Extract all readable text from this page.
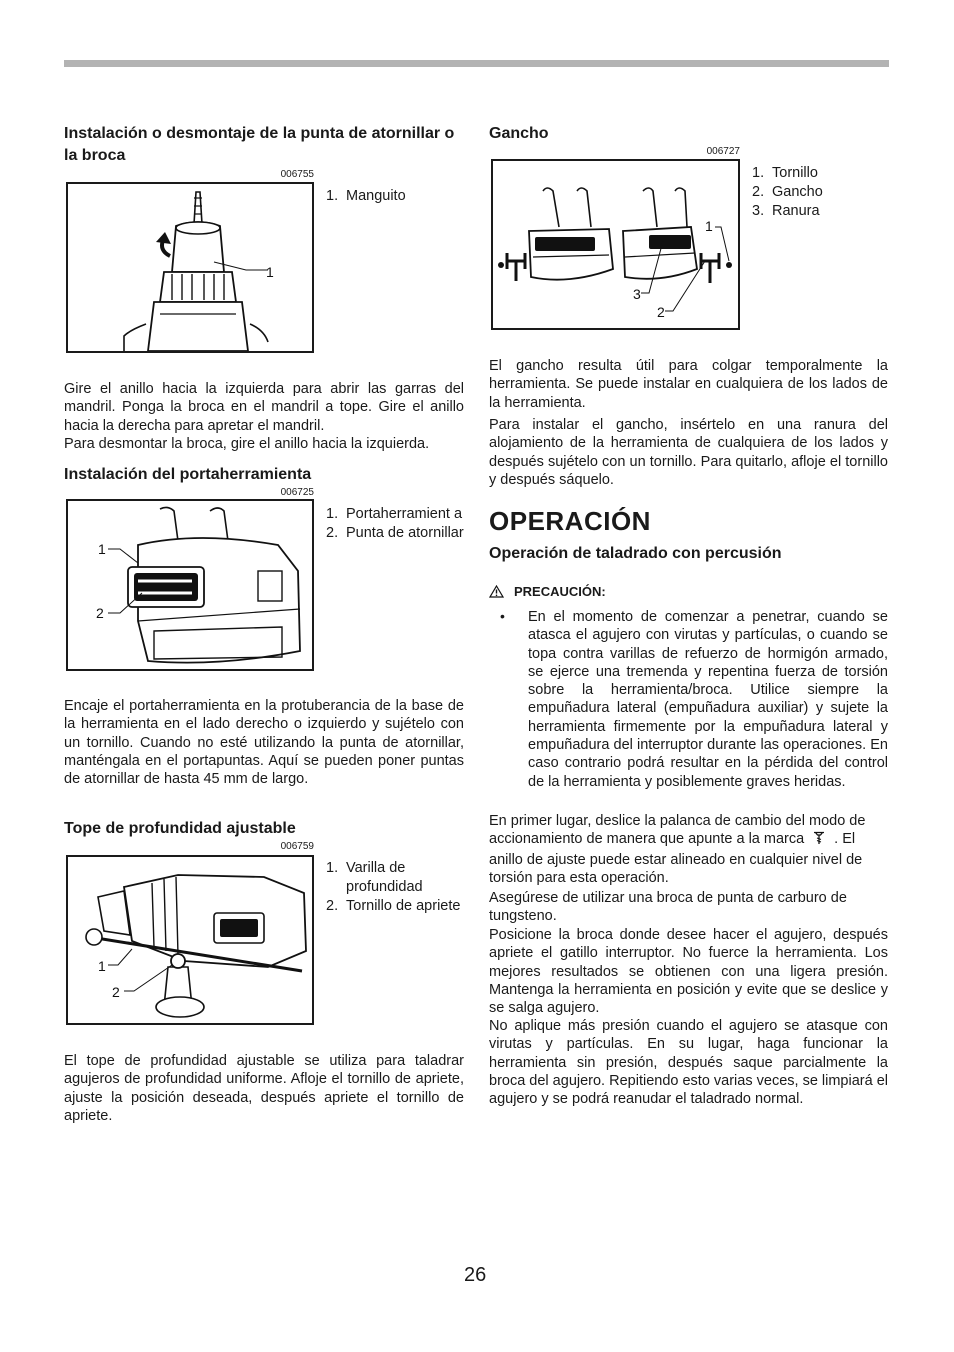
Instalación o desmontaje de la punta de atornillar o la broca
006755
1
1. Manguito

Gire el anillo hacia la izquierda para abrir las garras del mandril. Ponga la broca en el mandril a tope. Gire el anillo hacia la derecha para apretar el mandril.

Para desmontar la broca, gire el anillo hacia la izquierda.

Instalación del portaherramienta
006725
1
2
1. Portaherramient a
2. Punta de atornillar

Encaje el portaherramienta en la protuberancia de la base de la herramienta en el lado derecho o izquierdo y sujételo con un tornillo. Cuando no esté utilizando la punta de atornillar, manténgala en el portapuntas. Aquí se pueden poner puntas de atornillar de hasta 45 mm de largo.

Tope de profundidad ajustable
006759
1
2
1. Varilla de profundidad
2. Tornillo de apriete

El tope de profundidad ajustable se utiliza para taladrar agujeros de profundidad uniforme. Afloje el tornillo de apriete, ajuste la posición deseada, después apriete el tornillo de apriete.

Gancho
006727
1
3
2
1. Tornillo
2. Gancho
3. Ranura

El gancho resulta útil para colgar temporalmente la herramienta. Se puede instalar en cualquiera de los lados de la herramienta.

Para instalar el gancho, insértelo en una ranura del alojamiento de la herramienta de cualquiera de los lados y después sujételo con un tornillo. Para quitarlo, afloje el tornillo y después sáquelo.

OPERACIÓN
Operación de taladrado con percusión
PRECAUCIÓN:
• En el momento de comenzar a penetrar, cuando se atasca el agujero con virutas y partículas, o cuando se topa contra varillas de refuerzo de hormigón armado, se ejerce una tremenda y repentina fuerza de torsión sobre la herramienta/broca. Utilice siempre la empuñadura lateral (empuñadura auxiliar) y sujete la herramienta firmemente por la empuñadura lateral y empuñadura del interruptor durante las operaciones. En caso contrario podrá resultar en la pérdida del control de la herramienta y posiblemente graves heridas.

En primer lugar, deslice la palanca de cambio del modo de accionamiento de manera que apunte a la marca . El anillo de ajuste puede estar alineado en cualquier nivel de torsión para esta operación.

Asegúrese de utilizar una broca de punta de carburo de tungsteno.

Posicione la broca donde desee hacer el agujero, después apriete el gatillo interruptor. No fuerce la herramienta. Los mejores resultados se obtienen con una ligera presión. Mantenga la herramienta en posición y evite que se deslice y se salga agujero.

No aplique más presión cuando el agujero se atasque con virutas y partículas. En su lugar, haga funcionar la herramienta sin presión, después saque parcialmente la broca del agujero. Repitiendo esto varias veces, se limpiará el agujero y se podrá reanudar el taladrado normal.

26
